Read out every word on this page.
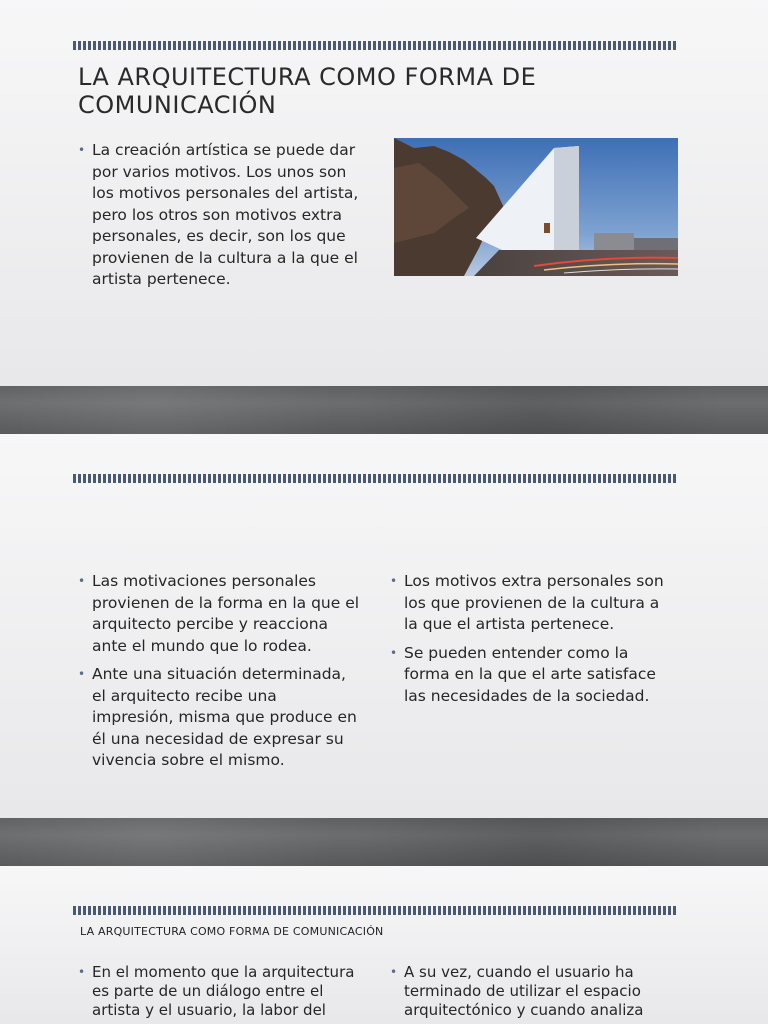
LA ARQUITECTURA COMO FORMA DE COMUNICACIÓN
• La creación artística se puede dar por varios motivos. Los unos son los motivos personales del artista, pero los otros son motivos extra personales, es decir, son los que provienen de la cultura a la que el artista pertenece.
• Las motivaciones personales provienen de la forma en la que el arquitecto percibe y reacciona ante el mundo que lo rodea.
• Ante una situación determinada, el arquitecto recibe una impresión, misma que produce en él una necesidad de expresar su vivencia sobre el mismo.
• Los motivos extra personales son los que provienen de la cultura a la que el artista pertenece.
• Se pueden entender como la forma en la que el arte satisface las necesidades de la sociedad.
LA ARQUITECTURA COMO FORMA DE COMUNICACIÓN
• En el momento que la arquitectura es parte de un diálogo entre el artista y el usuario, la labor del
• A su vez, cuando el usuario ha terminado de utilizar el espacio arquitectónico y cuando analiza
